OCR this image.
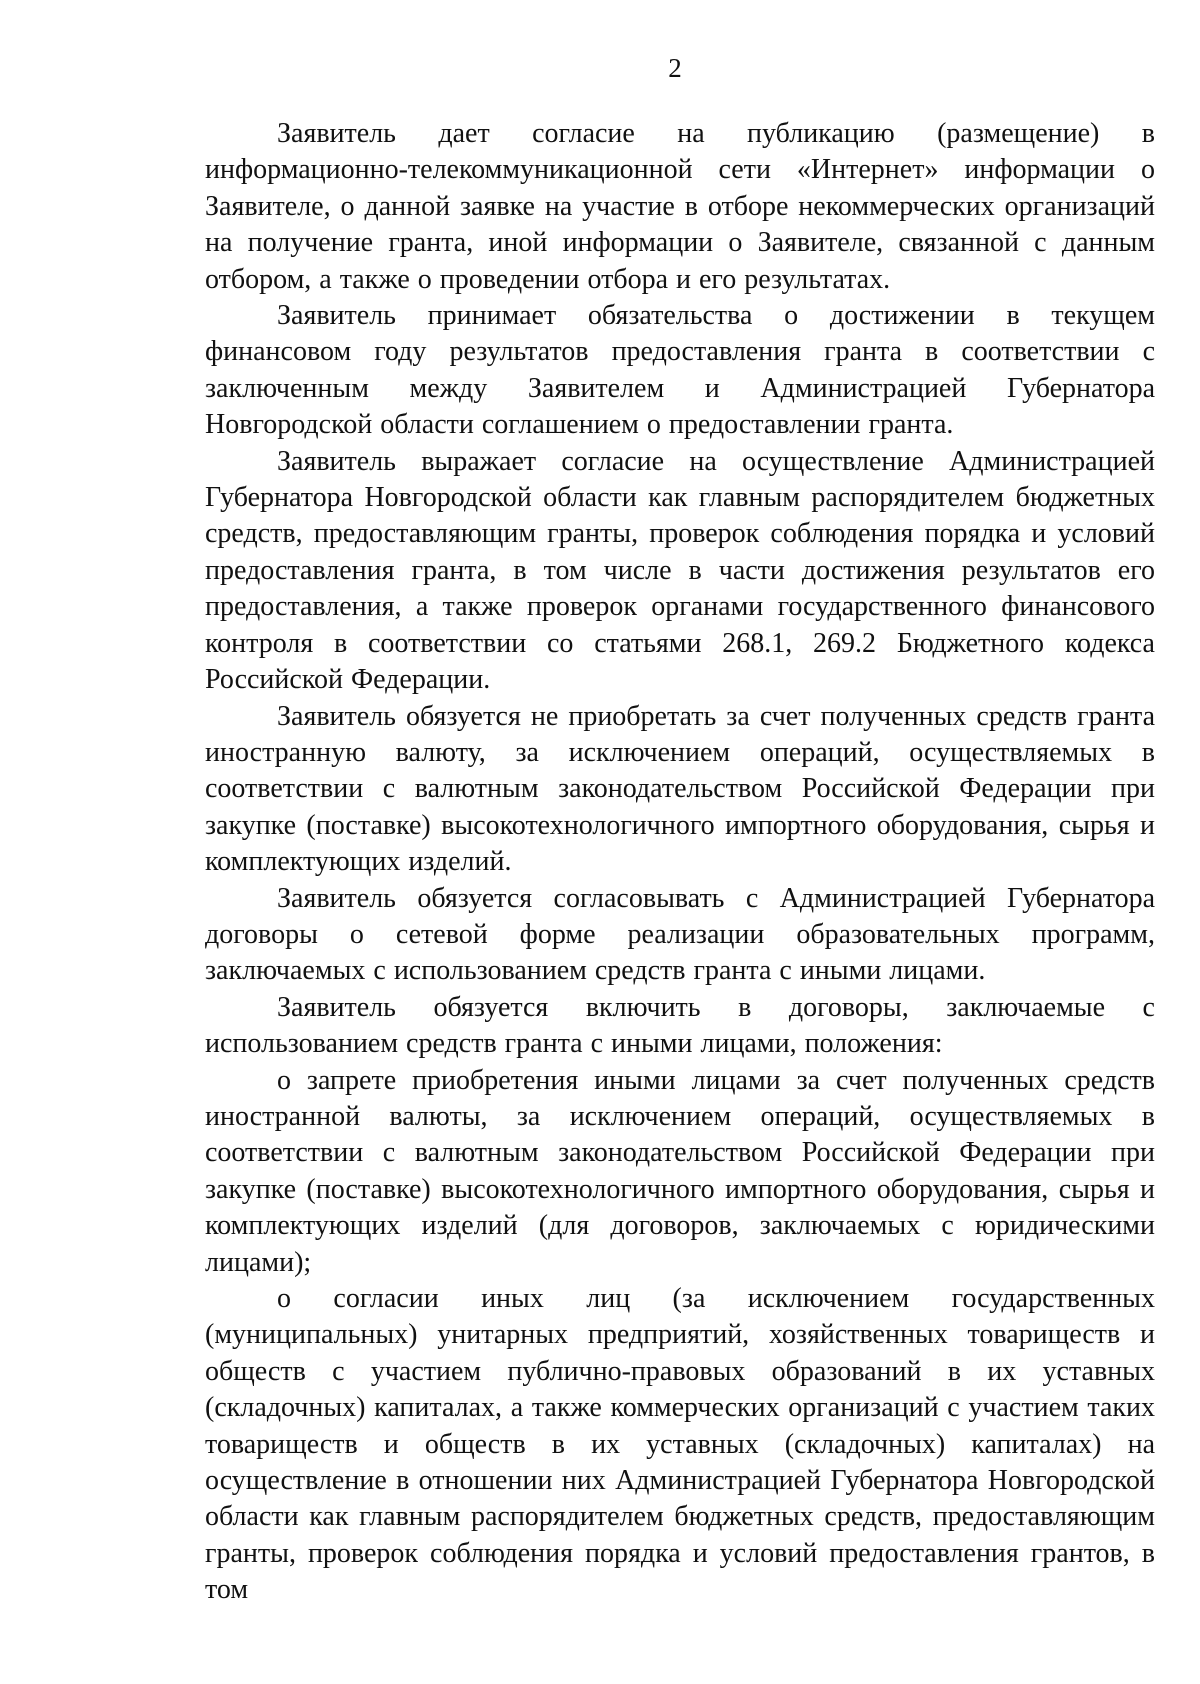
2

Заявитель дает согласие на публикацию (размещение) в информационно-телекоммуникационной сети «Интернет» информации о Заявителе, о данной заявке на участие в отборе некоммерческих организаций на получение гранта, иной информации о Заявителе, связанной с данным отбором, а также о проведении отбора и его результатах.

Заявитель принимает обязательства о достижении в текущем финансовом году результатов предоставления гранта в соответствии с заключенным между Заявителем и Администрацией Губернатора Новгородской области соглашением о предоставлении гранта.

Заявитель выражает согласие на осуществление Администрацией Губернатора Новгородской области как главным распорядителем бюджетных средств, предоставляющим гранты, проверок соблюдения порядка и условий предоставления гранта, в том числе в части достижения результатов его предоставления, а также проверок органами государственного финансового контроля в соответствии со статьями 268.1, 269.2 Бюджетного кодекса Российской Федерации.

Заявитель обязуется не приобретать за счет полученных средств гранта иностранную валюту, за исключением операций, осуществляемых в соответствии с валютным законодательством Российской Федерации при закупке (поставке) высокотехнологичного импортного оборудования, сырья и комплектующих изделий.

Заявитель обязуется согласовывать с Администрацией Губернатора договоры о сетевой форме реализации образовательных программ, заключаемых с использованием средств гранта с иными лицами.

Заявитель обязуется включить в договоры, заключаемые с использованием средств гранта с иными лицами, положения:

о запрете приобретения иными лицами за счет полученных средств иностранной валюты, за исключением операций, осуществляемых в соответствии с валютным законодательством Российской Федерации при закупке (поставке) высокотехнологичного импортного оборудования, сырья и комплектующих изделий (для договоров, заключаемых с юридическими лицами);

о согласии иных лиц (за исключением государственных (муниципальных) унитарных предприятий, хозяйственных товариществ и обществ с участием публично-правовых образований в их уставных (складочных) капиталах, а также коммерческих организаций с участием таких товариществ и обществ в их уставных (складочных) капиталах) на осуществление в отношении них Администрацией Губернатора Новгородской области как главным распорядителем бюджетных средств, предоставляющим гранты, проверок соблюдения порядка и условий предоставления грантов, в том
